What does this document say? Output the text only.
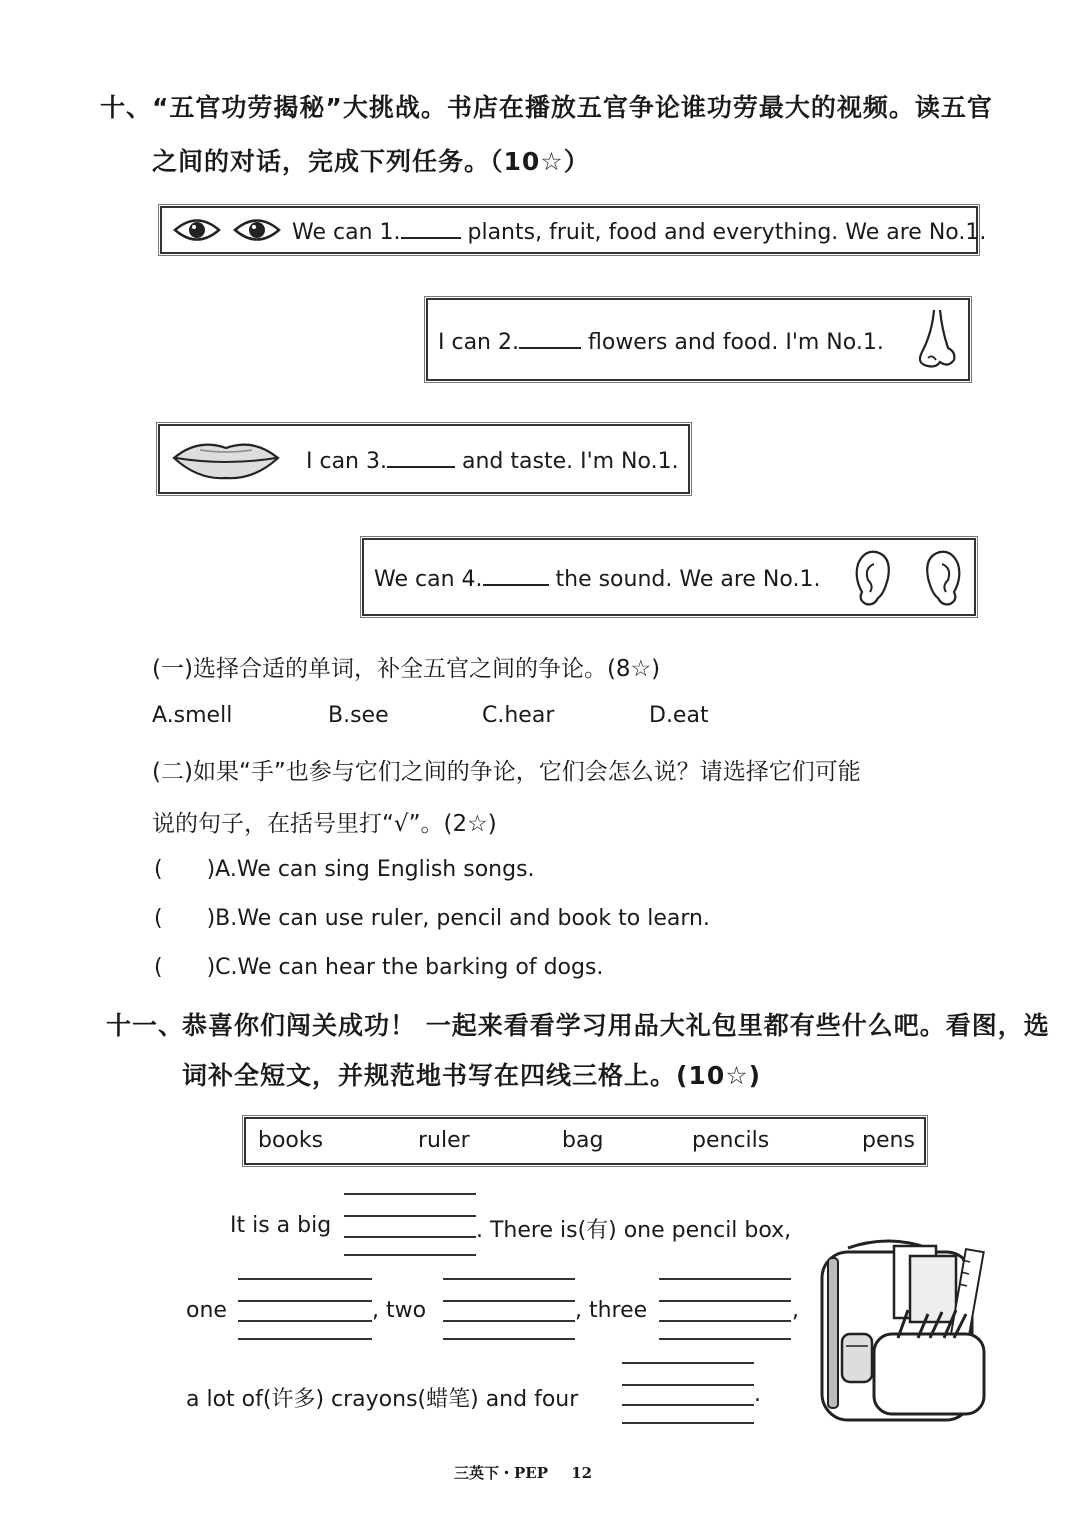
十、 “五官功劳揭秘”大挑战。书店在播放五官争论谁功劳最大的视频。读五官
之间的对话，完成下列任务。（10☆）
We can 1.	plants, fruit, food and everything. We are No.1.
I can 2.	flowers and food. I'm No.1.
I can 3.	and taste. I'm No.1.
We can 4.	the sound. We are No.1.
(一)选择合适的单词，补全五官之间的争论。(8☆)
A.smell	B.see	C.hear	D.eat
(二)如果“手”也参与它们之间的争论，它们会怎么说？请选择它们可能
说的句子，在括号里打“√”。(2☆)
( )A.We can sing English songs.
( )B.We can use ruler, pencil and book to learn.
( )C.We can hear the barking of dogs.
十一、
恭喜你们闯关成功！ 一起来看看学习用品大礼包里都有些什么吧。看图，选
词补全短文，并规范地书写在四线三格上。(10☆)
books	ruler	bag	pencils	pens
It is a big	. There is(有) one pencil box,
one	, two	, three	,
a lot of(许多) crayons(蜡笔) and four	.
三英下・PEP 12
